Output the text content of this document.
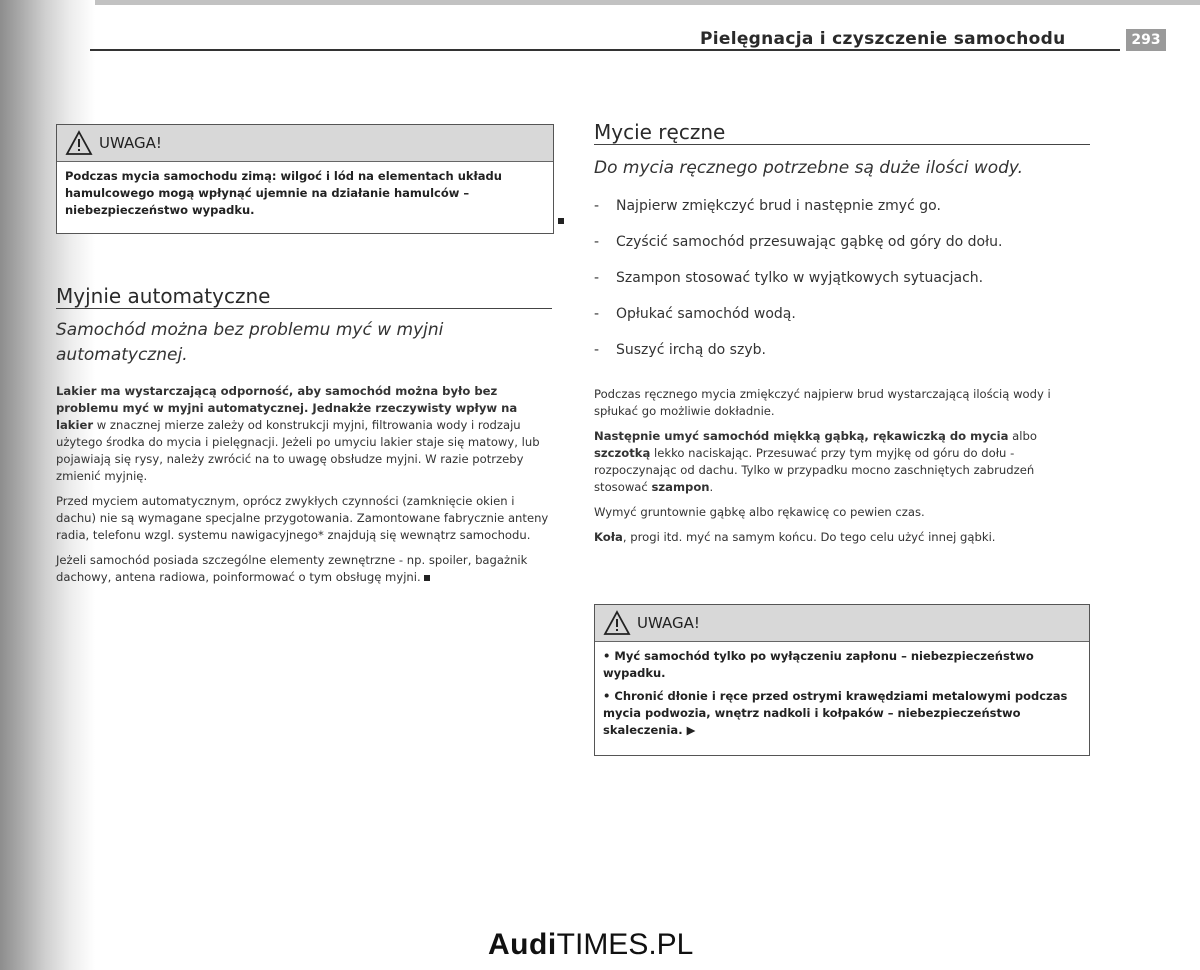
Pielęgnacja i czyszczenie samochodu	293
UWAGA!

Podczas mycia samochodu zimą: wilgoć i lód na elementach układu hamulcowego mogą wpłynąć ujemnie na działanie hamulców – niebezpieczeństwo wypadku.

Myjnie automatyczne
Samochód można bez problemu myć w myjni automatycznej.

Lakier ma wystarczającą odporność, aby samochód można było bez problemu myć w myjni automatycznej. Jednakże rzeczywisty wpływ na lakier w znacznej mierze zależy od konstrukcji myjni, filtrowania wody i rodzaju użytego środka do mycia i pielęgnacji. Jeżeli po umyciu lakier staje się matowy, lub pojawiają się rysy, należy zwrócić na to uwagę obsłudze myjni. W razie potrzeby zmienić myjnię.

Przed myciem automatycznym, oprócz zwykłych czynności (zamknięcie okien i dachu) nie są wymagane specjalne przygotowania. Zamontowane fabrycznie anteny radia, telefonu wzgl. systemu nawigacyjnego* znajdują się wewnątrz samochodu.

Jeżeli samochód posiada szczególne elementy zewnętrzne - np. spoiler, bagażnik dachowy, antena radiowa, poinformować o tym obsługę myjni.

Mycie ręczne
Do mycia ręcznego potrzebne są duże ilości wody.
- Najpierw zmiękczyć brud i następnie zmyć go.
- Czyścić samochód przesuwając gąbkę od góry do dołu.
- Szampon stosować tylko w wyjątkowych sytuacjach.
- Opłukać samochód wodą.
- Suszyć irchą do szyb.

Podczas ręcznego mycia zmiękczyć najpierw brud wystarczającą ilością wody i spłukać go możliwie dokładnie.

Następnie umyć samochód miękką gąbką, rękawiczką do mycia albo szczotką lekko naciskając. Przesuwać przy tym myjkę od góru do dołu - rozpoczynając od dachu. Tylko w przypadku mocno zaschniętych zabrudzeń stosować szampon.

Wymyć gruntownie gąbkę albo rękawicę co pewien czas.

Koła, progi itd. myć na samym końcu. Do tego celu użyć innej gąbki.

UWAGA!

• Myć samochód tylko po wyłączeniu zapłonu – niebezpieczeństwo wypadku.

• Chronić dłonie i ręce przed ostrymi krawędziami metalowymi podczas mycia podwozia, wnętrz nadkoli i kołpaków – niebezpieczeństwo skaleczenia. ▶

AudiTIMES.PL
